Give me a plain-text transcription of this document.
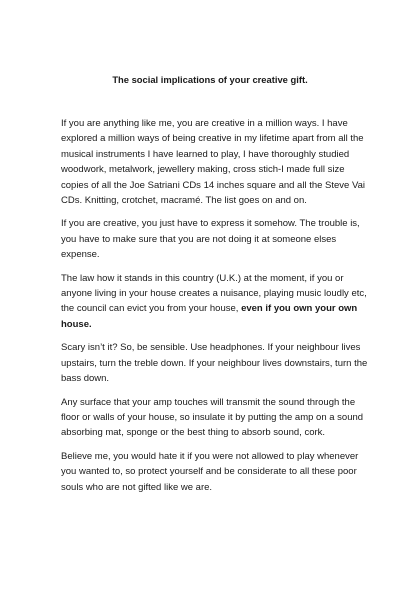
The social implications of your creative gift.

If you are anything like me, you are creative in a million ways. I have explored a million ways of being creative in my lifetime apart from all the musical instruments I have learned to play, I have thoroughly studied woodwork, metalwork, jewellery making, cross stich-I made full size copies of all the Joe Satriani CDs 14 inches square and all the Steve Vai CDs. Knitting, crotchet, macramé. The list goes on and on.

If you are creative, you just have to express it somehow. The trouble is, you have to make sure that you are not doing it at someone elses expense.

The law how it stands in this country (U.K.) at the moment, if you or anyone living in your house creates a nuisance, playing music loudly etc, the council can evict you from your house, even if you own your own house.

Scary isn’t it? So, be sensible. Use headphones. If your neighbour lives upstairs, turn the treble down. If your neighbour lives downstairs, turn the bass down.

Any surface that your amp touches will transmit the sound through the floor or walls of your house, so insulate it by putting the amp on a sound absorbing mat, sponge or the best thing to absorb sound, cork.

Believe me, you would hate it if you were not allowed to play whenever you wanted to, so protect yourself and be considerate to all these poor souls who are not gifted like we are.
